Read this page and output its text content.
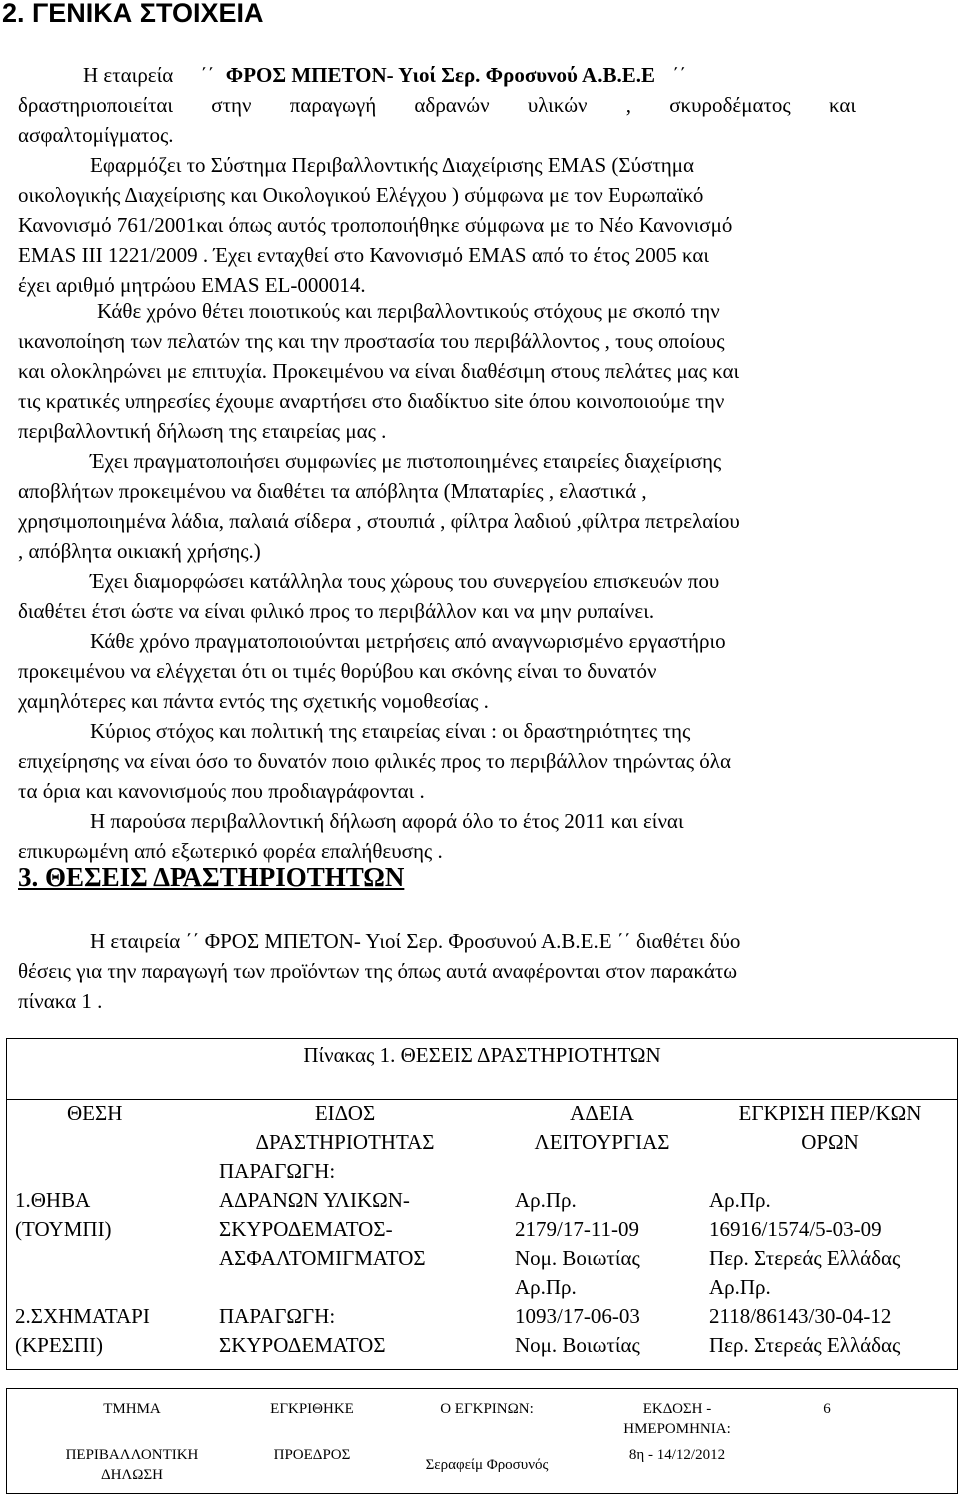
2. ΓΕΝΙΚΑ ΣΤΟΙΧΕΙΑ
Η εταιρεία ΄΄ ΦΡΟΣ ΜΠΕΤΟΝ- Υιοί Σερ. Φροσυνού Α.Β.Ε.Ε ΄΄
δραστηριοποιείται στην παραγωγή αδρανών υλικών , σκυροδέματος και
ασφαλτομίγματος.
Εφαρμόζει το Σύστημα Περιβαλλοντικής Διαχείρισης EMAS (Σύστημα
οικολογικής Διαχείρισης και Οικολογικού Ελέγχου ) σύμφωνα με τον Ευρωπαϊκό
Κανονισμό 761/2001και όπως αυτός τροποποιήθηκε σύμφωνα με το Νέο Κανονισμό
EMAS ΙΙΙ 1221/2009 . Έχει ενταχθεί στο Κανονισμό EMAS από το έτος 2005 και
έχει αριθμό μητρώου EMAS EL-000014.
Κάθε χρόνο θέτει ποιοτικούς και περιβαλλοντικούς στόχους με σκοπό την
ικανοποίηση των πελατών της και την προστασία του περιβάλλοντος , τους οποίους
και ολοκληρώνει με επιτυχία. Προκειμένου να είναι διαθέσιμη στους πελάτες μας και
τις κρατικές υπηρεσίες έχουμε αναρτήσει στο διαδίκτυο site όπου κοινοποιούμε την
περιβαλλοντική δήλωση της εταιρείας μας .
Έχει πραγματοποιήσει συμφωνίες με πιστοποιημένες εταιρείες διαχείρισης
αποβλήτων προκειμένου να διαθέτει τα απόβλητα (Μπαταρίες , ελαστικά ,
χρησιμοποιημένα λάδια, παλαιά σίδερα , στουπιά , φίλτρα λαδιού ,φίλτρα πετρελαίου
, απόβλητα οικιακή χρήσης.)
Έχει διαμορφώσει κατάλληλα τους χώρους του συνεργείου επισκευών που
διαθέτει έτσι ώστε να είναι φιλικό προς το περιβάλλον και να μην ρυπαίνει.
Κάθε χρόνο πραγματοποιούνται μετρήσεις από αναγνωρισμένο εργαστήριο
προκειμένου να ελέγχεται ότι οι τιμές θορύβου και σκόνης είναι το δυνατόν
χαμηλότερες και πάντα εντός της σχετικής νομοθεσίας .
Κύριος στόχος και πολιτική της εταιρείας είναι : οι δραστηριότητες της
επιχείρησης να είναι όσο το δυνατόν ποιο φιλικές προς το περιβάλλον τηρώντας όλα
τα όρια και κανονισμούς που προδιαγράφονται .
Η παρούσα περιβαλλοντική δήλωση αφορά όλο το έτος 2011 και είναι
επικυρωμένη από εξωτερικό φορέα επαλήθευσης .
3. ΘΕΣΕΙΣ ΔΡΑΣΤΗΡΙΟΤΗΤΩΝ
Η εταιρεία ΄΄ ΦΡΟΣ ΜΠΕΤΟΝ- Υιοί Σερ. Φροσυνού Α.Β.Ε.Ε ΄΄ διαθέτει δύο
θέσεις για την παραγωγή των προϊόντων της όπως αυτά αναφέρονται στον παρακάτω
πίνακα 1 .
Πίνακας 1. ΘΕΣΕΙΣ ΔΡΑΣΤΗΡΙΟΤΗΤΩΝ
ΘΕΣΗ	ΕΙΔΟΣ
ΔΡΑΣΤΗΡΙΟΤΗΤΑΣ
ΑΔΕΙΑ
ΛΕΙΤΟΥΡΓΙΑΣ
ΕΓΚΡΙΣΗ ΠΕΡ/ΚΩΝ
ΟΡΩΝ
1.ΘΗΒΑ
(ΤΟΥΜΠΙ)
ΠΑΡΑΓΩΓΗ:
ΑΔΡΑΝΩΝ ΥΛΙΚΩΝ-
ΣΚΥΡΟΔΕΜΑΤΟΣ-
ΑΣΦΑΛΤΟΜΙΓΜΑΤΟΣ
Αρ.Πρ.
2179/17-11-09
Νομ. Βοιωτίας
Αρ.Πρ.
16916/1574/5-03-09
Περ. Στερεάς Ελλάδας
2.ΣΧΗΜΑΤΑΡΙ
(ΚΡΕΣΠΙ)
ΠΑΡΑΓΩΓΗ:
ΣΚΥΡΟΔΕΜΑΤΟΣ
Αρ.Πρ.
1093/17-06-03
Νομ. Βοιωτίας
Αρ.Πρ.
2118/86143/30-04-12
Περ. Στερεάς Ελλάδας
ΤΜΗΜΑ
ΠΕΡΙΒΑΛΛΟΝΤΙΚΗ
ΔΗΛΩΣΗ
ΕΓΚΡΙΘΗΚΕ
ΠΡΟΕΔΡΟΣ
Ο ΕΓΚΡΙΝΩΝ:
Σεραφείμ Φροσυνός
ΕΚΔΟΣΗ -
ΗΜΕΡΟΜΗΝΙΑ:
8η - 14/12/2012
6
